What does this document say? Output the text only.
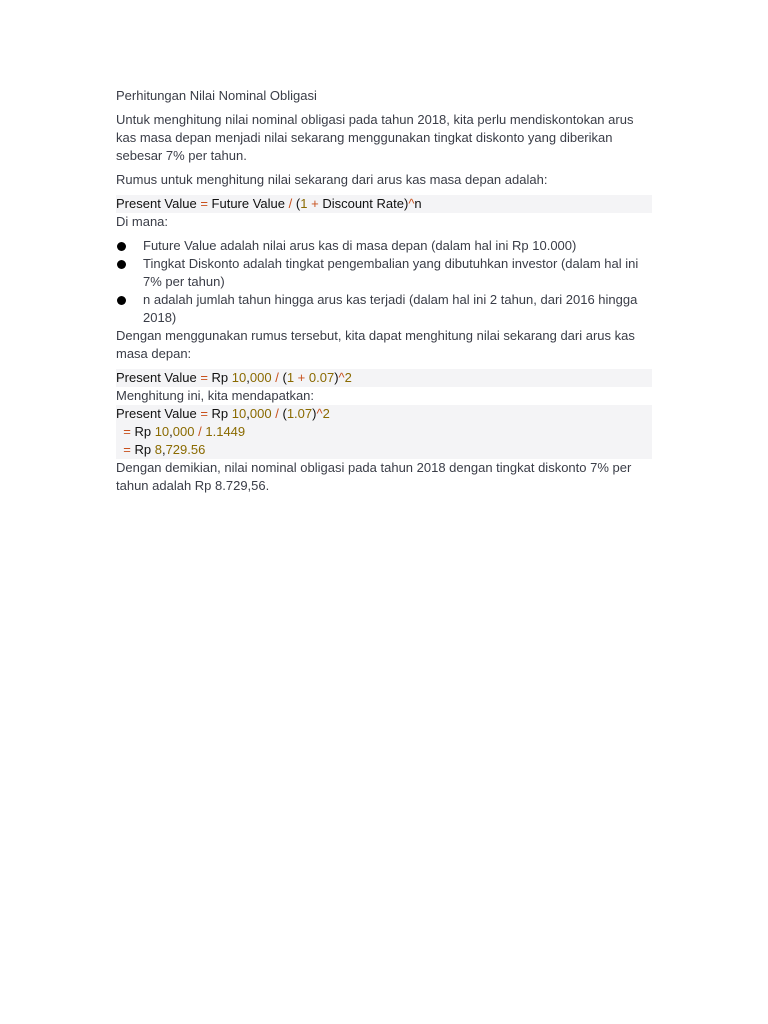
Perhitungan Nilai Nominal Obligasi

Untuk menghitung nilai nominal obligasi pada tahun 2018, kita perlu mendiskontokan arus kas masa depan menjadi nilai sekarang menggunakan tingkat diskonto yang diberikan sebesar 7% per tahun.

Rumus untuk menghitung nilai sekarang dari arus kas masa depan adalah:

Present Value = Future Value / (1 + Discount Rate)^n

Di mana:

Future Value adalah nilai arus kas di masa depan (dalam hal ini Rp 10.000)
Tingkat Diskonto adalah tingkat pengembalian yang dibutuhkan investor (dalam hal ini 7% per tahun)
n adalah jumlah tahun hingga arus kas terjadi (dalam hal ini 2 tahun, dari 2016 hingga 2018)

Dengan menggunakan rumus tersebut, kita dapat menghitung nilai sekarang dari arus kas masa depan:

Present Value = Rp 10,000 / (1 + 0.07)^2

Menghitung ini, kita mendapatkan:

Present Value = Rp 10,000 / (1.07)^2
= Rp 10,000 / 1.1449
= Rp 8,729.56

Dengan demikian, nilai nominal obligasi pada tahun 2018 dengan tingkat diskonto 7% per tahun adalah Rp 8.729,56.
